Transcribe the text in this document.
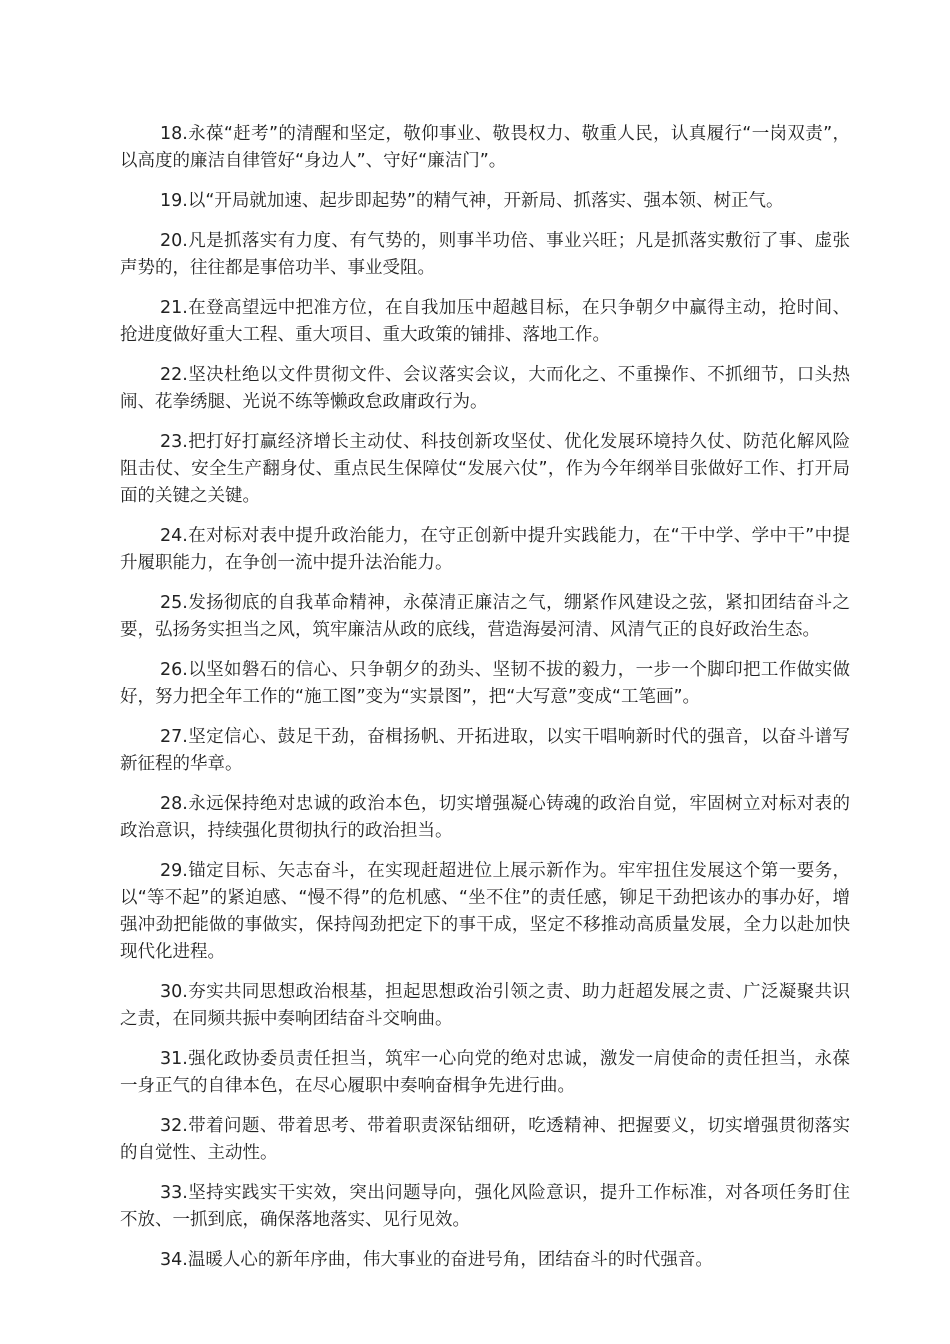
18.永葆“赶考”的清醒和坚定，敬仰事业、敬畏权力、敬重人民，认真履行“一岗双责”，以高度的廉洁自律管好“身边人”、守好“廉洁门”。

19.以“开局就加速、起步即起势”的精气神，开新局、抓落实、强本领、树正气。

20.凡是抓落实有力度、有气势的，则事半功倍、事业兴旺；凡是抓落实敷衍了事、虚张声势的，往往都是事倍功半、事业受阻。

21.在登高望远中把准方位，在自我加压中超越目标，在只争朝夕中赢得主动，抢时间、抢进度做好重大工程、重大项目、重大政策的铺排、落地工作。

22.坚决杜绝以文件贯彻文件、会议落实会议，大而化之、不重操作、不抓细节，口头热闹、花拳绣腿、光说不练等懒政怠政庸政行为。

23.把打好打赢经济增长主动仗、科技创新攻坚仗、优化发展环境持久仗、防范化解风险阻击仗、安全生产翻身仗、重点民生保障仗“发展六仗”，作为今年纲举目张做好工作、打开局面的关键之关键。

24.在对标对表中提升政治能力，在守正创新中提升实践能力，在“干中学、学中干”中提升履职能力，在争创一流中提升法治能力。

25.发扬彻底的自我革命精神，永葆清正廉洁之气，绷紧作风建设之弦，紧扣团结奋斗之要，弘扬务实担当之风，筑牢廉洁从政的底线，营造海晏河清、风清气正的良好政治生态。

26.以坚如磐石的信心、只争朝夕的劲头、坚韧不拔的毅力，一步一个脚印把工作做实做好，努力把全年工作的“施工图”变为“实景图”，把“大写意”变成“工笔画”。

27.坚定信心、鼓足干劲，奋楫扬帆、开拓进取，以实干唱响新时代的强音，以奋斗谱写新征程的华章。

28.永远保持绝对忠诚的政治本色，切实增强凝心铸魂的政治自觉，牢固树立对标对表的政治意识，持续强化贯彻执行的政治担当。

29.锚定目标、矢志奋斗，在实现赶超进位上展示新作为。牢牢扭住发展这个第一要务，以“等不起”的紧迫感、“慢不得”的危机感、“坐不住”的责任感，铆足干劲把该办的事办好，增强冲劲把能做的事做实，保持闯劲把定下的事干成，坚定不移推动高质量发展，全力以赴加快现代化进程。

30.夯实共同思想政治根基，担起思想政治引领之责、助力赶超发展之责、广泛凝聚共识之责，在同频共振中奏响团结奋斗交响曲。

31.强化政协委员责任担当，筑牢一心向党的绝对忠诚，激发一肩使命的责任担当，永葆一身正气的自律本色，在尽心履职中奏响奋楫争先进行曲。

32.带着问题、带着思考、带着职责深钻细研，吃透精神、把握要义，切实增强贯彻落实的自觉性、主动性。

33.坚持实践实干实效，突出问题导向，强化风险意识，提升工作标准，对各项任务盯住不放、一抓到底，确保落地落实、见行见效。

34.温暖人心的新年序曲，伟大事业的奋进号角，团结奋斗的时代强音。
